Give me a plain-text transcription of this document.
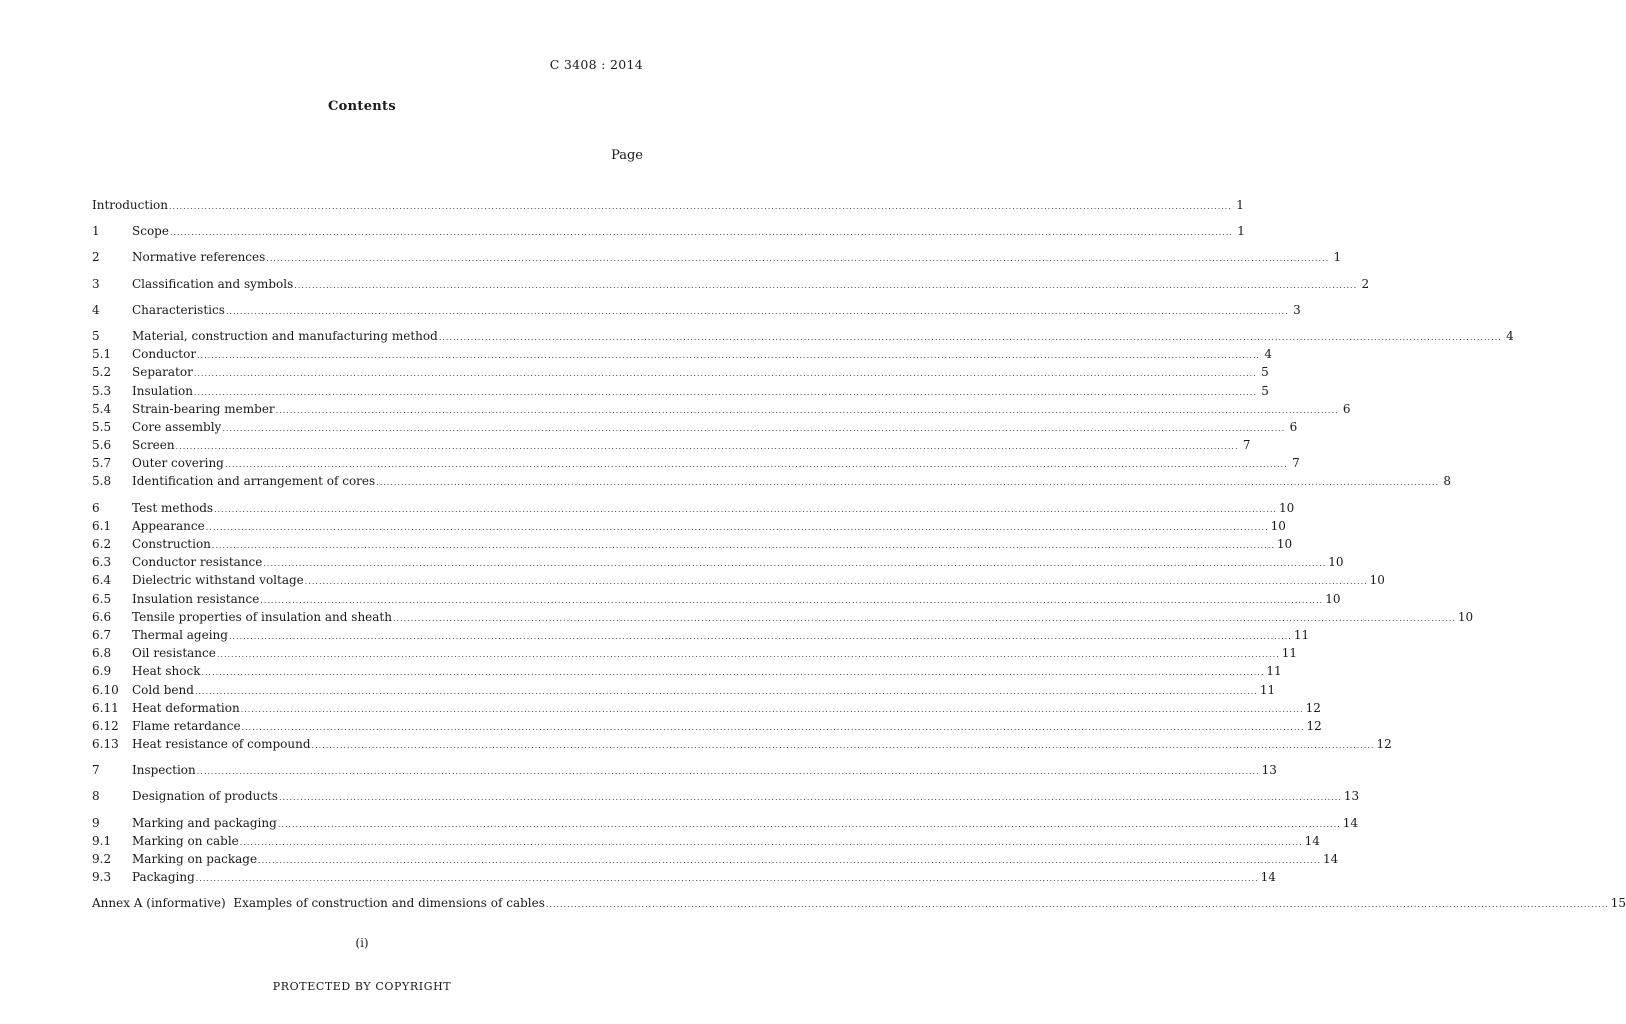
C 3408 : 2014
Contents
Page
Introduction ............................................................................................................................................................................................................................................................................................................ 1
1	Scope ............................................................................................................................................................................................................................................................................................................ 1
2	Normative references ............................................................................................................................................................................................................................................................................................................ 1
3	Classification and symbols ............................................................................................................................................................................................................................................................................................................ 2
4	Characteristics ............................................................................................................................................................................................................................................................................................................ 3
5	Material, construction and manufacturing method ............................................................................................................................................................................................................................................................................................................ 4
5.1	Conductor ............................................................................................................................................................................................................................................................................................................ 4
5.2	Separator ............................................................................................................................................................................................................................................................................................................ 5
5.3	Insulation ............................................................................................................................................................................................................................................................................................................ 5
5.4	Strain-bearing member ............................................................................................................................................................................................................................................................................................................ 6
5.5	Core assembly ............................................................................................................................................................................................................................................................................................................ 6
5.6	Screen ............................................................................................................................................................................................................................................................................................................ 7
5.7	Outer covering ............................................................................................................................................................................................................................................................................................................ 7
5.8	Identification and arrangement of cores ............................................................................................................................................................................................................................................................................................................ 8
6	Test methods ............................................................................................................................................................................................................................................................................................................ 10
6.1	Appearance ............................................................................................................................................................................................................................................................................................................ 10
6.2	Construction ............................................................................................................................................................................................................................................................................................................ 10
6.3	Conductor resistance ............................................................................................................................................................................................................................................................................................................ 10
6.4	Dielectric withstand voltage ............................................................................................................................................................................................................................................................................................................ 10
6.5	Insulation resistance ............................................................................................................................................................................................................................................................................................................ 10
6.6	Tensile properties of insulation and sheath ............................................................................................................................................................................................................................................................................................................ 10
6.7	Thermal ageing ............................................................................................................................................................................................................................................................................................................ 11
6.8	Oil resistance ............................................................................................................................................................................................................................................................................................................ 11
6.9	Heat shock ............................................................................................................................................................................................................................................................................................................ 11
6.10	Cold bend ............................................................................................................................................................................................................................................................................................................ 11
6.11	Heat deformation ............................................................................................................................................................................................................................................................................................................ 12
6.12	Flame retardance ............................................................................................................................................................................................................................................................................................................ 12
6.13	Heat resistance of compound ............................................................................................................................................................................................................................................................................................................ 12
7	Inspection ............................................................................................................................................................................................................................................................................................................ 13
8	Designation of products ............................................................................................................................................................................................................................................................................................................ 13
9	Marking and packaging ............................................................................................................................................................................................................................................................................................................ 14
9.1	Marking on cable ............................................................................................................................................................................................................................................................................................................ 14
9.2	Marking on package ............................................................................................................................................................................................................................................................................................................ 14
9.3	Packaging ............................................................................................................................................................................................................................................................................................................ 14
Annex A (informative)  Examples of construction and dimensions of cables ............................................................................................................................................................................................................................................................................................................ 15
(i)
PROTECTED BY COPYRIGHT
